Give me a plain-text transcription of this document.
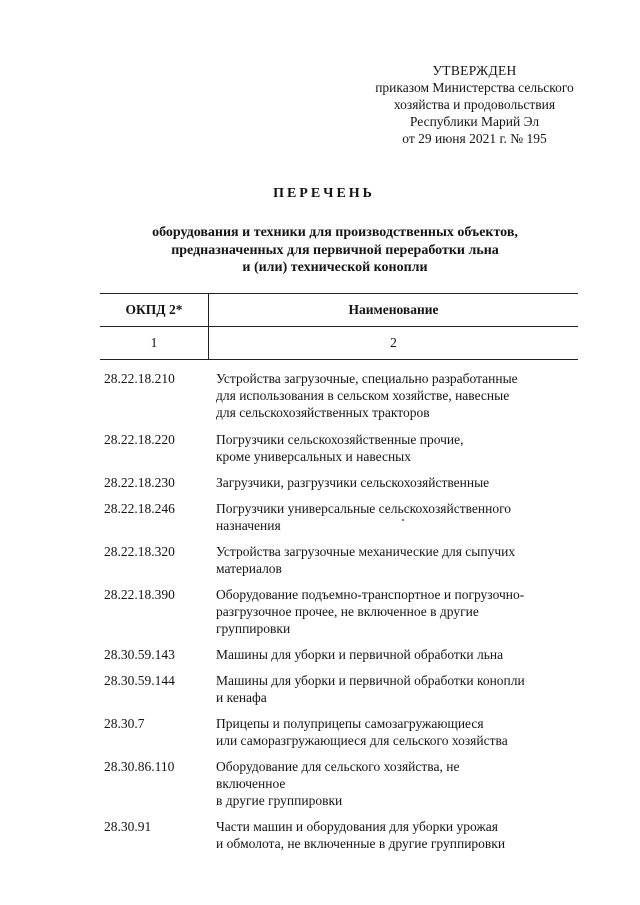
УТВЕРЖДЕН
приказом Министерства сельского
хозяйства и продовольствия
Республики Марий Эл
от 29 июня 2021 г. № 195
ПЕРЕЧЕНЬ
оборудования и техники для производственных объектов,
предназначенных для первичной переработки льна
и (или) технической конопли
ОКПД 2*	Наименование
1	2
28.22.18.210	Устройства загрузочные, специально разработанные
для использования в сельском хозяйстве, навесные
для сельскохозяйственных тракторов
28.22.18.220	Погрузчики сельскохозяйственные прочие,
кроме универсальных и навесных
28.22.18.230	Загрузчики, разгрузчики сельскохозяйственные
28.22.18.246	Погрузчики универсальные сельскохозяйственного
назначения
28.22.18.320	Устройства загрузочные механические для сыпучих
материалов
28.22.18.390	Оборудование подъемно-транспортное и погрузочно-
разгрузочное прочее, не включенное в другие
группировки
28.30.59.143	Машины для уборки и первичной обработки льна
28.30.59.144	Машины для уборки и первичной обработки конопли
и кенафа
28.30.7	Прицепы и полуприцепы самозагружающиеся
или саморазгружающиеся для сельского хозяйства
28.30.86.110	Оборудование для сельского хозяйства, не
включенное
в другие группировки
28.30.91	Части машин и оборудования для уборки урожая
и обмолота, не включенные в другие группировки
